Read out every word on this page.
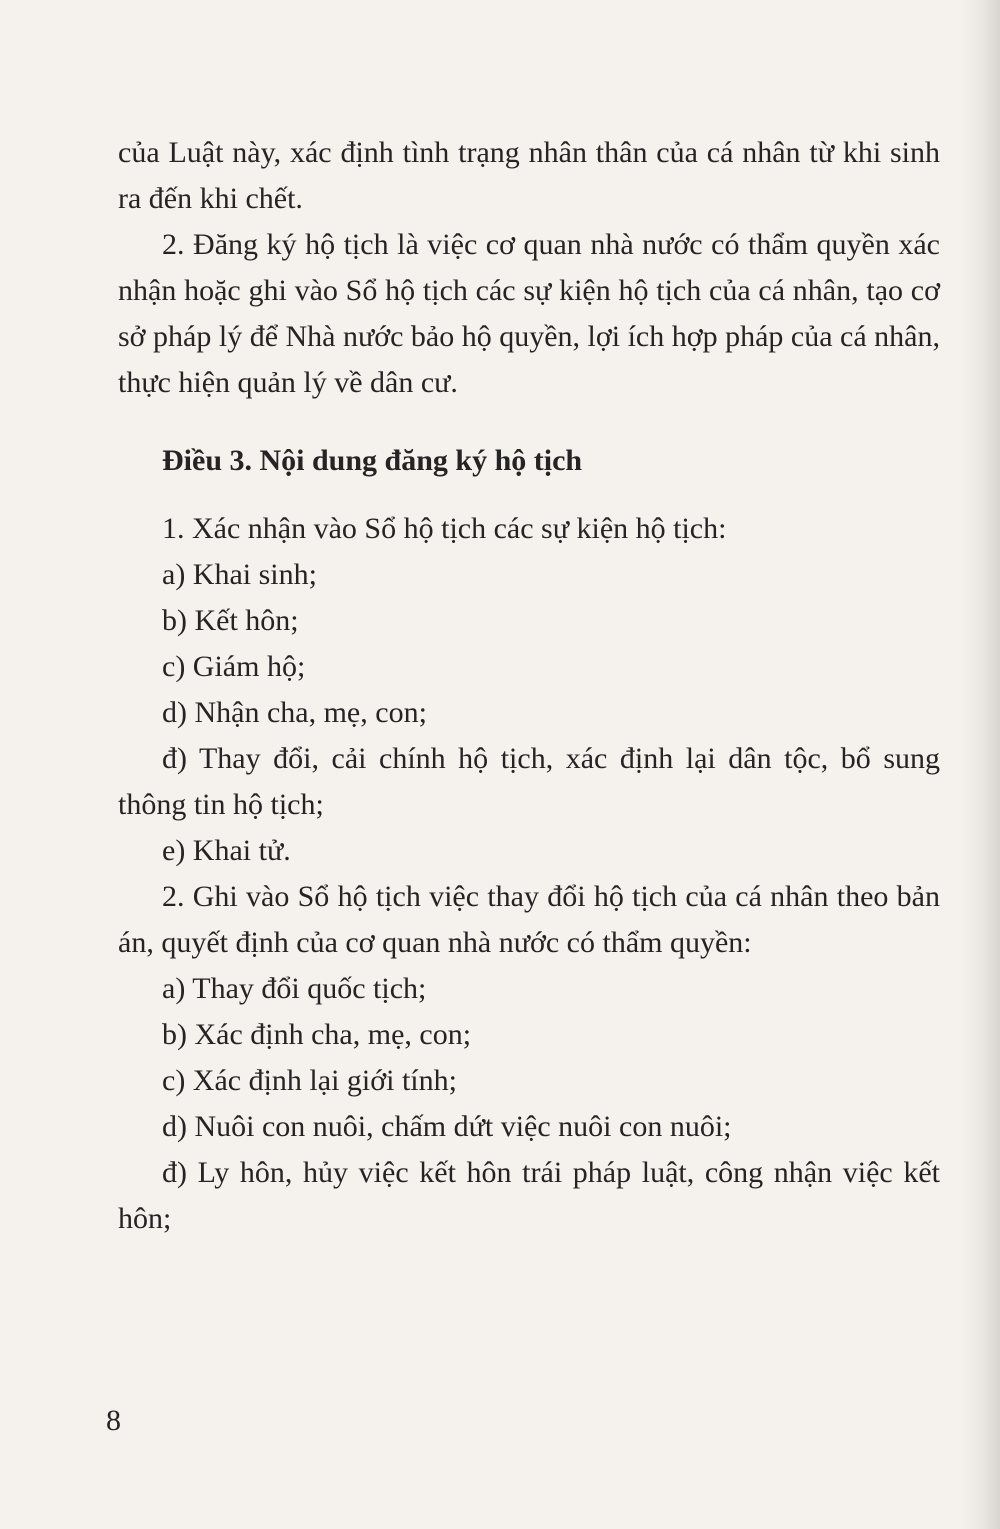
của Luật này, xác định tình trạng nhân thân của cá nhân từ khi sinh ra đến khi chết.

2. Đăng ký hộ tịch là việc cơ quan nhà nước có thẩm quyền xác nhận hoặc ghi vào Sổ hộ tịch các sự kiện hộ tịch của cá nhân, tạo cơ sở pháp lý để Nhà nước bảo hộ quyền, lợi ích hợp pháp của cá nhân, thực hiện quản lý về dân cư.

Điều 3. Nội dung đăng ký hộ tịch

1. Xác nhận vào Sổ hộ tịch các sự kiện hộ tịch:

a) Khai sinh;

b) Kết hôn;

c) Giám hộ;

d) Nhận cha, mẹ, con;

đ) Thay đổi, cải chính hộ tịch, xác định lại dân tộc, bổ sung thông tin hộ tịch;

e) Khai tử.

2. Ghi vào Sổ hộ tịch việc thay đổi hộ tịch của cá nhân theo bản án, quyết định của cơ quan nhà nước có thẩm quyền:

a) Thay đổi quốc tịch;

b) Xác định cha, mẹ, con;

c) Xác định lại giới tính;

d) Nuôi con nuôi, chấm dứt việc nuôi con nuôi;

đ) Ly hôn, hủy việc kết hôn trái pháp luật, công nhận việc kết hôn;

8
